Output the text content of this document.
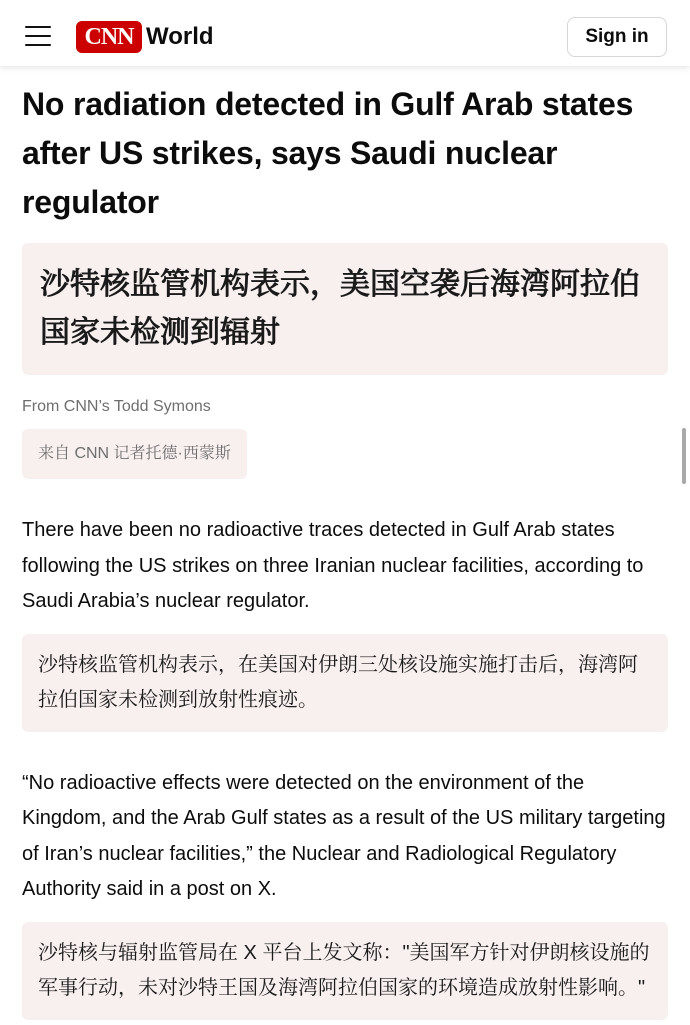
CNN World	Sign in
No radiation detected in Gulf Arab states after US strikes, says Saudi nuclear regulator
沙特核监管机构表示，美国空袭后海湾阿拉伯国家未检测到辐射
From CNN’s Todd Symons
来自 CNN 记者托德·西蒙斯

There have been no radioactive traces detected in Gulf Arab states following the US strikes on three Iranian nuclear facilities, according to Saudi Arabia’s nuclear regulator.

沙特核监管机构表示，在美国对伊朗三处核设施实施打击后，海湾阿拉伯国家未检测到放射性痕迹。

“No radioactive effects were detected on the environment of the Kingdom, and the Arab Gulf states as a result of the US military targeting of Iran’s nuclear facilities,” the Nuclear and Radiological Regulatory Authority said in a post on X.

沙特核与辐射监管局在 X 平台上发文称："美国军方针对伊朗核设施的军事行动，未对沙特王国及海湾阿拉伯国家的环境造成放射性影响。"
